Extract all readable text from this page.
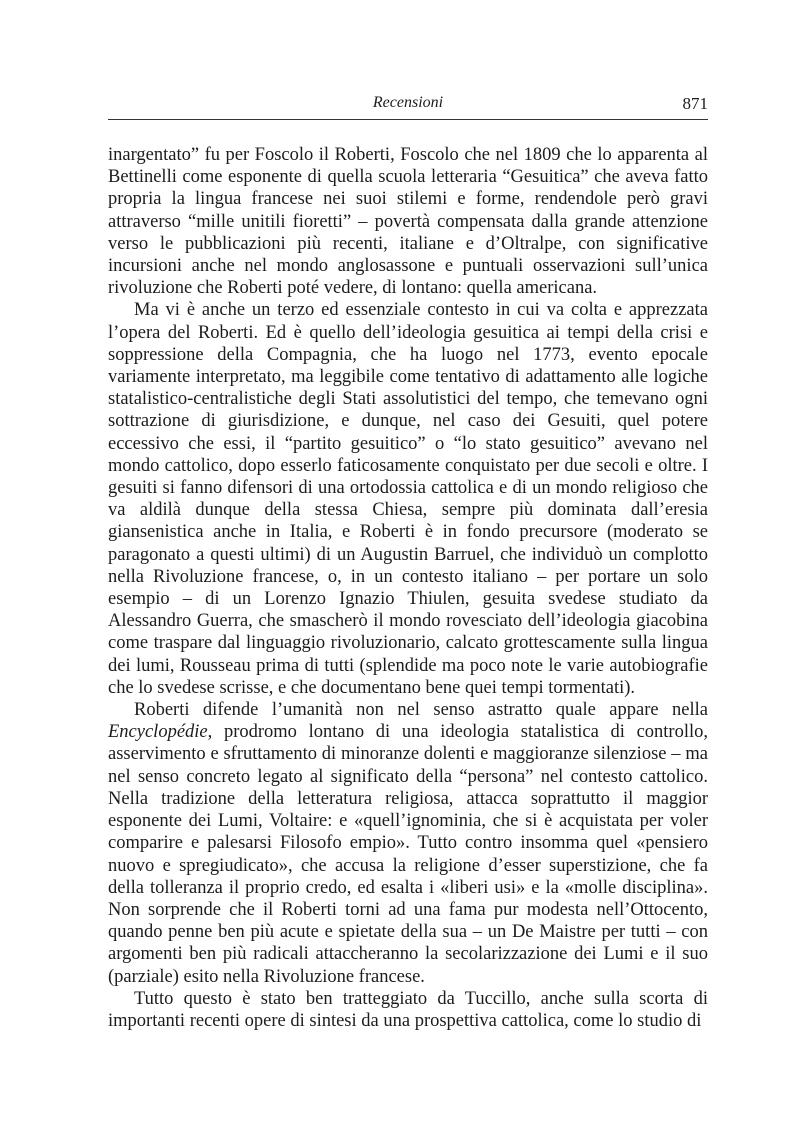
Recensioni	871

inargentato” fu per Foscolo il Roberti, Foscolo che nel 1809 che lo apparenta al Bettinelli come esponente di quella scuola letteraria “Gesuitica” che aveva fatto propria la lingua francese nei suoi stilemi e forme, rendendole però gravi attraverso “mille unitili fioretti” – povertà compensata dalla grande attenzione verso le pubblicazioni più recenti, italiane e d’Oltralpe, con significative incursioni anche nel mondo anglosassone e puntuali osservazioni sull’unica rivoluzione che Roberti poté vedere, di lontano: quella americana.

Ma vi è anche un terzo ed essenziale contesto in cui va colta e apprezzata l’opera del Roberti. Ed è quello dell’ideologia gesuitica ai tempi della crisi e soppressione della Compagnia, che ha luogo nel 1773, evento epocale variamente interpretato, ma leggibile come tentativo di adattamento alle logiche statalistico-centralistiche degli Stati assolutistici del tempo, che temevano ogni sottrazione di giurisdizione, e dunque, nel caso dei Gesuiti, quel potere eccessivo che essi, il “partito gesuitico” o “lo stato gesuitico” avevano nel mondo cattolico, dopo esserlo faticosamente conquistato per due secoli e oltre. I gesuiti si fanno difensori di una ortodossia cattolica e di un mondo religioso che va aldilà dunque della stessa Chiesa, sempre più dominata dall’eresia giansenistica anche in Italia, e Roberti è in fondo precursore (moderato se paragonato a questi ultimi) di un Augustin Barruel, che individuò un complotto nella Rivoluzione francese, o, in un contesto italiano – per portare un solo esempio – di un Lorenzo Ignazio Thiulen, gesuita svedese studiato da Alessandro Guerra, che smascherò il mondo rovesciato dell’ideologia giacobina come traspare dal linguaggio rivoluzionario, calcato grottescamente sulla lingua dei lumi, Rousseau prima di tutti (splendide ma poco note le varie autobiografie che lo svedese scrisse, e che documentano bene quei tempi tormentati).

Roberti difende l’umanità non nel senso astratto quale appare nella Encyclopédie, prodromo lontano di una ideologia statalistica di controllo, asservimento e sfruttamento di minoranze dolenti e maggioranze silenziose – ma nel senso concreto legato al significato della “persona” nel contesto cattolico. Nella tradizione della letteratura religiosa, attacca soprattutto il maggior esponente dei Lumi, Voltaire: e «quell’ignominia, che si è acquistata per voler comparire e palesarsi Filosofo empio». Tutto contro insomma quel «pensiero nuovo e spregiudicato», che accusa la religione d’esser superstizione, che fa della tolleranza il proprio credo, ed esalta i «liberi usi» e la «molle disciplina». Non sorprende che il Roberti torni ad una fama pur modesta nell’Ottocento, quando penne ben più acute e spietate della sua – un De Maistre per tutti – con argomenti ben più radicali attaccheranno la secolarizzazione dei Lumi e il suo (parziale) esito nella Rivoluzione francese.

Tutto questo è stato ben tratteggiato da Tuccillo, anche sulla scorta di importanti recenti opere di sintesi da una prospettiva cattolica, come lo studio di
